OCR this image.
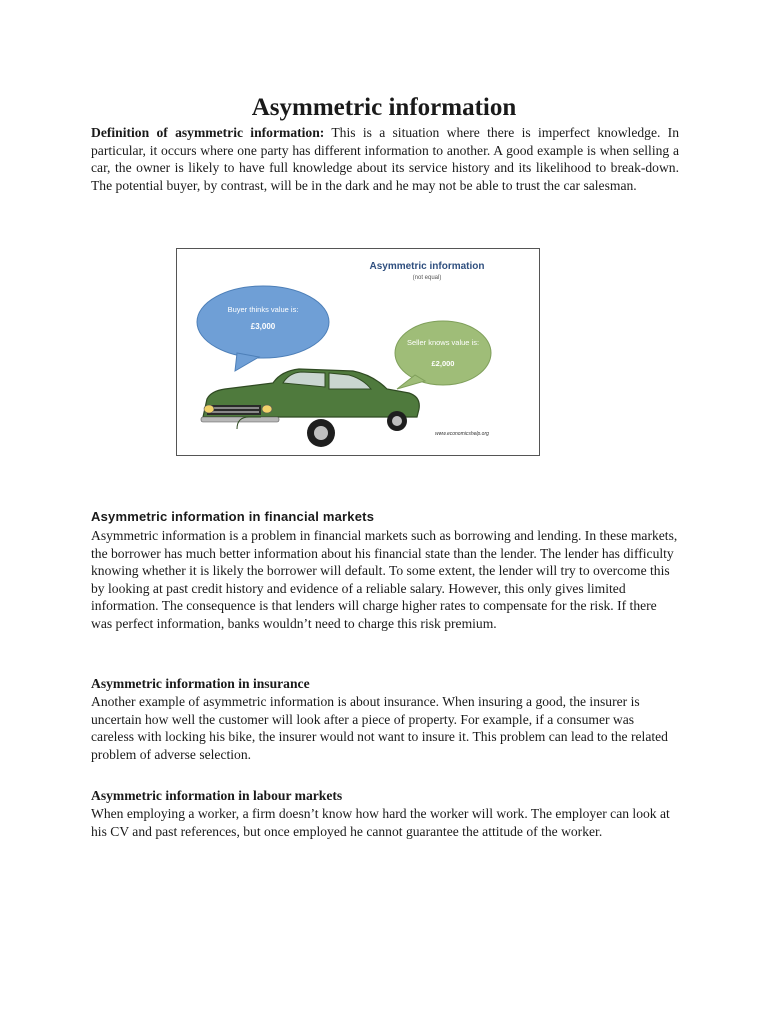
Asymmetric information

Definition of asymmetric information: This is a situation where there is imperfect knowledge. In particular, it occurs where one party has different information to another. A good example is when selling a car, the owner is likely to have full knowledge about its service history and its likelihood to break-down. The potential buyer, by contrast, will be in the dark and he may not be able to trust the car salesman.

Asymmetric information

(not equal)

Buyer thinks value is:

£3,000

Seller knows value is:

£2,000

www.economicshelp.org

Asymmetric information in financial markets

Asymmetric information is a problem in financial markets such as borrowing and lending. In these markets, the borrower has much better information about his financial state than the lender. The lender has difficulty knowing whether it is likely the borrower will default. To some extent, the lender will try to overcome this by looking at past credit history and evidence of a reliable salary. However, this only gives limited information. The consequence is that lenders will charge higher rates to compensate for the risk. If there was perfect information, banks wouldn’t need to charge this risk premium.

Asymmetric information in insurance

Another example of asymmetric information is about insurance. When insuring a good, the insurer is uncertain how well the customer will look after a piece of property. For example, if a consumer was careless with locking his bike, the insurer would not want to insure it. This problem can lead to the related problem of adverse selection.

Asymmetric information in labour markets

When employing a worker, a firm doesn’t know how hard the worker will work. The employer can look at his CV and past references, but once employed he cannot guarantee the attitude of the worker.
